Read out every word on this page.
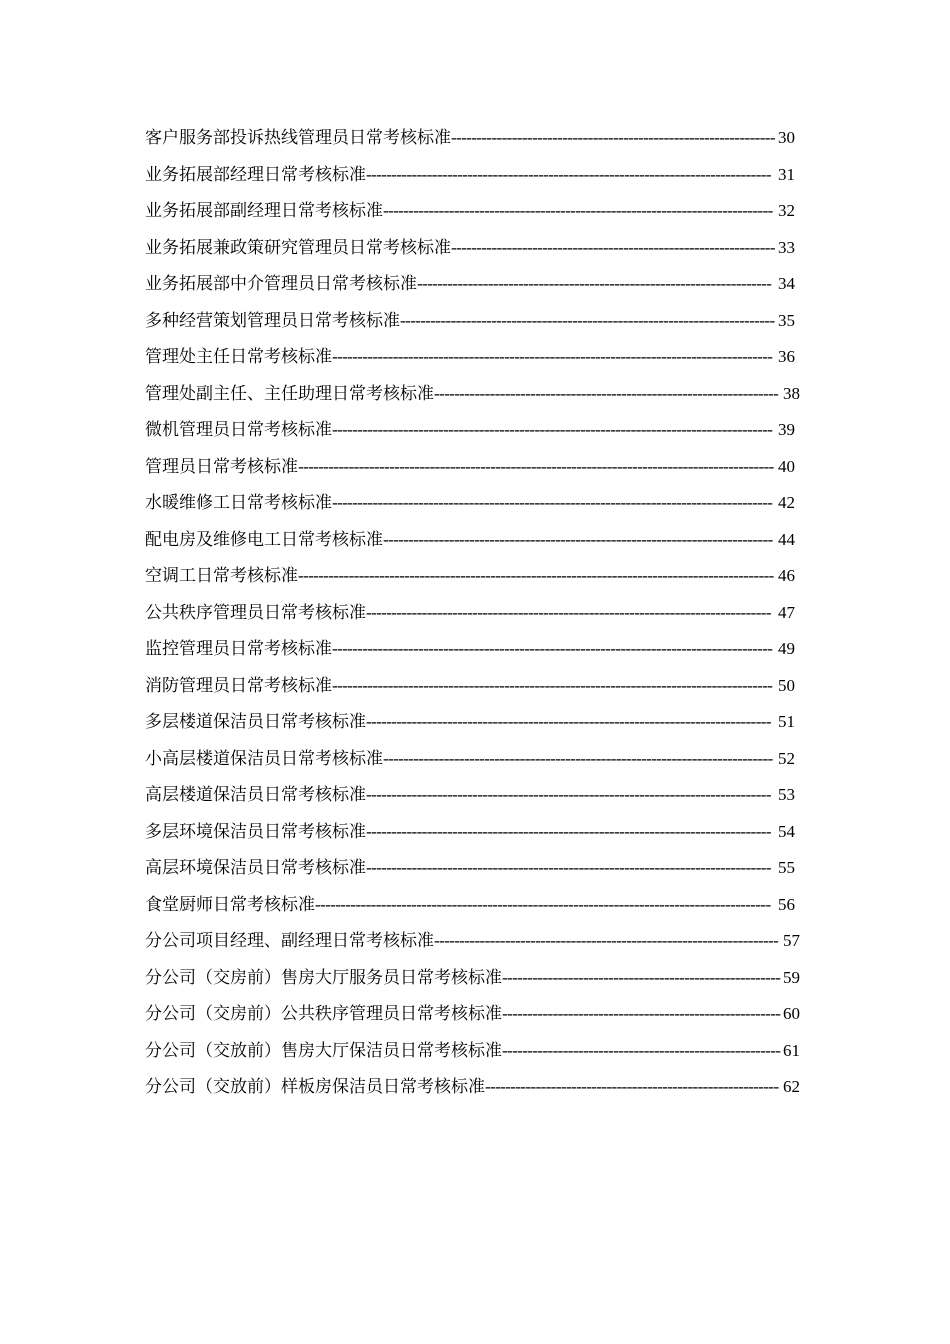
客户服务部投诉热线管理员日常考核标准---------------------------------------------------------------- 30
业务拓展部经理日常考核标准-------------------------------------------------------------------------------- 31
业务拓展部副经理日常考核标准----------------------------------------------------------------------------- 32
业务拓展兼政策研究管理员日常考核标准---------------------------------------------------------------- 33
业务拓展部中介管理员日常考核标准---------------------------------------------------------------------- 34
多种经营策划管理员日常考核标准-------------------------------------------------------------------------- 35
管理处主任日常考核标准--------------------------------------------------------------------------------------- 36
管理处副主任、主任助理日常考核标准-------------------------------------------------------------------- 38
微机管理员日常考核标准--------------------------------------------------------------------------------------- 39
管理员日常考核标准---------------------------------------------------------------------------------------------- 40
水暖维修工日常考核标准--------------------------------------------------------------------------------------- 42
配电房及维修电工日常考核标准----------------------------------------------------------------------------- 44
空调工日常考核标准---------------------------------------------------------------------------------------------- 46
公共秩序管理员日常考核标准-------------------------------------------------------------------------------- 47
监控管理员日常考核标准--------------------------------------------------------------------------------------- 49
消防管理员日常考核标准--------------------------------------------------------------------------------------- 50
多层楼道保洁员日常考核标准-------------------------------------------------------------------------------- 51
小高层楼道保洁员日常考核标准----------------------------------------------------------------------------- 52
高层楼道保洁员日常考核标准-------------------------------------------------------------------------------- 53
多层环境保洁员日常考核标准-------------------------------------------------------------------------------- 54
高层环境保洁员日常考核标准-------------------------------------------------------------------------------- 55
食堂厨师日常考核标准------------------------------------------------------------------------------------------ 56
分公司项目经理、副经理日常考核标准-------------------------------------------------------------------- 57
分公司（交房前）售房大厅服务员日常考核标准------------------------------------------------------- 59
分公司（交房前）公共秩序管理员日常考核标准------------------------------------------------------- 60
分公司（交放前）售房大厅保洁员日常考核标准------------------------------------------------------- 61
分公司（交放前）样板房保洁员日常考核标准---------------------------------------------------------- 62
